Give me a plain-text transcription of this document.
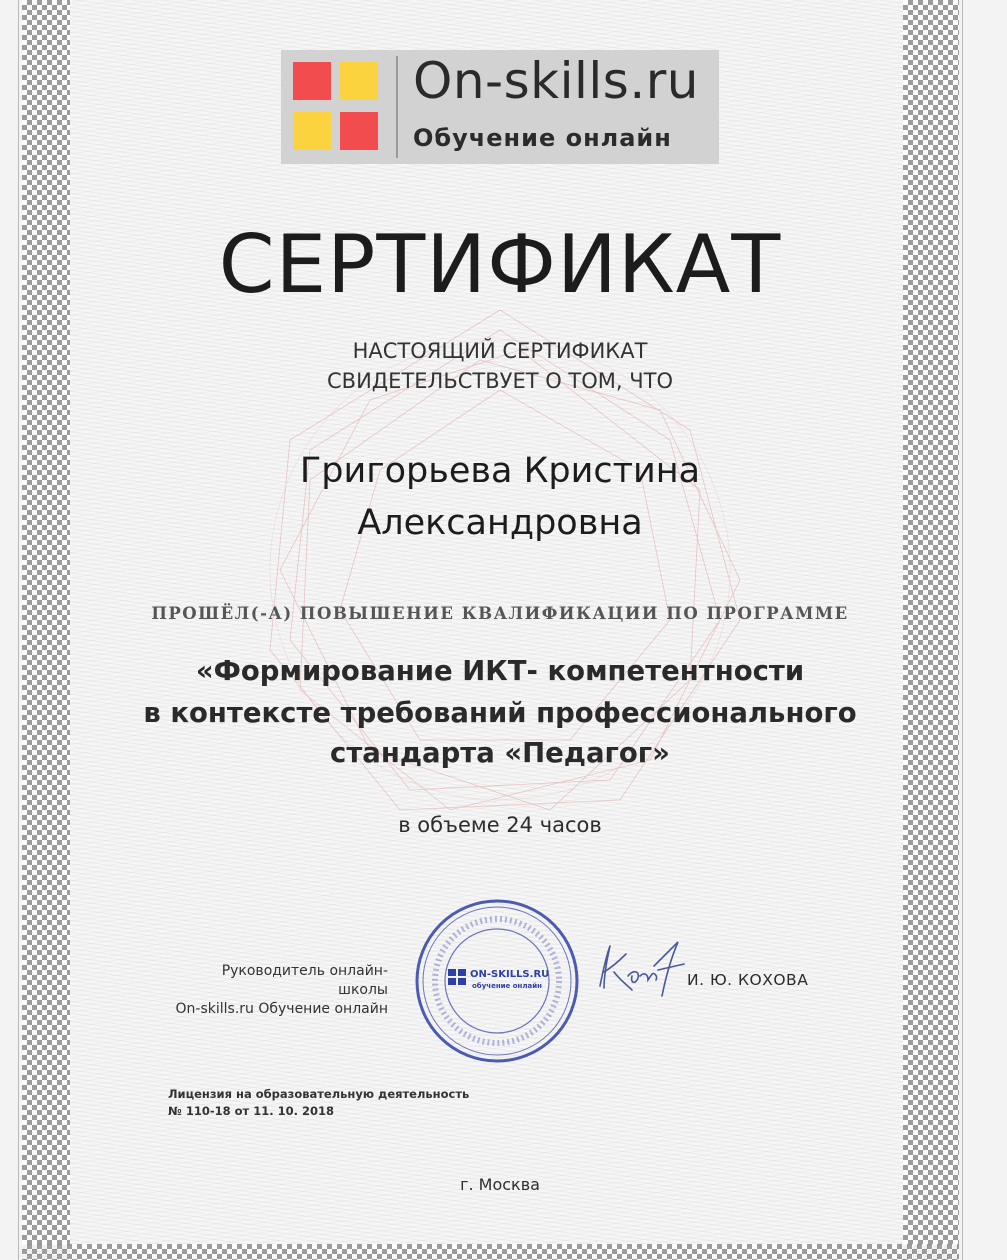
On-skills.ru
Обучение онлайн
СЕРТИФИКАТ
НАСТОЯЩИЙ СЕРТИФИКАТ
СВИДЕТЕЛЬСТВУЕТ О ТОМ, ЧТО
Григорьева Кристина
Александровна
ПРОШЁЛ(-А) ПОВЫШЕНИЕ КВАЛИФИКАЦИИ ПО ПРОГРАММЕ
«Формирование ИКТ- компетентности
в контексте требований профессионального
стандарта «Педагог»
в объеме 24 часов
Руководитель онлайн- школы
On-skills.ru Обучение онлайн
ON-SKILLS.RU
обучение онлайн	И. Ю. КОХОВА
Лицензия на образовательную деятельность
№ 110-18 от 11. 10. 2018
г. Москва
